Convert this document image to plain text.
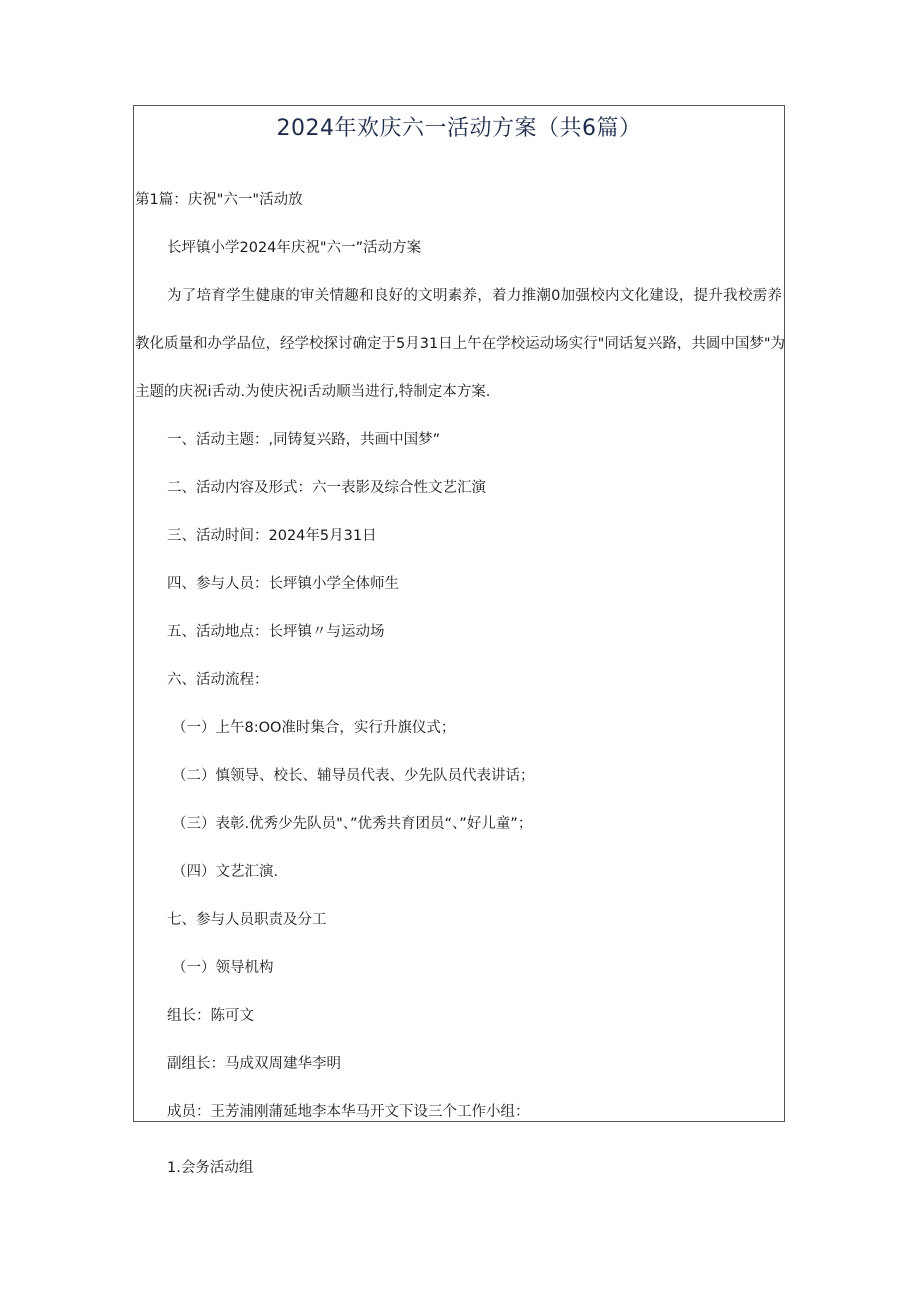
2024年欢庆六一活动方案（共6篇）
第1篇：庆祝"六一"活动放
长坪镇小学2024年庆祝"六一”活动方案
为了培育学生健康的审关情趣和良好的文明素养，着力推潮0加强校内文化建设，提升我校雳养
教化质量和办学品位，经学校探讨确定于5月31日上午在学校运动场实行"同话复兴路，共圆中国梦"为
主题的庆祝i舌动.为使庆祝i舌动顺当进行,特制定本方案.
一、活动主题：,同铸复兴路，共画中国梦”
二、活动内容及形式：六一表影及综合性文艺汇演
三、活动时间：2024年5月31日
四、参与人员：长坪镇小学全体师生
五、活动地点：长坪镇〃与运动场
六、活动流程：
（一）上午8:OO准时集合，实行升旗仪式；
（二）慎领导、校长、辅导员代表、少先队员代表讲话；
（三）表彰.优秀少先队员"、”优秀共育团员“、”好儿童”；
（四）文艺汇演.
七、参与人员职责及分工
（一）领导机构
组长：陈可文
副组长：马成双周建华李明
成员：王芳浦刚蒲延地李本华马开文下设三个工作小组：
1.会务活动组
